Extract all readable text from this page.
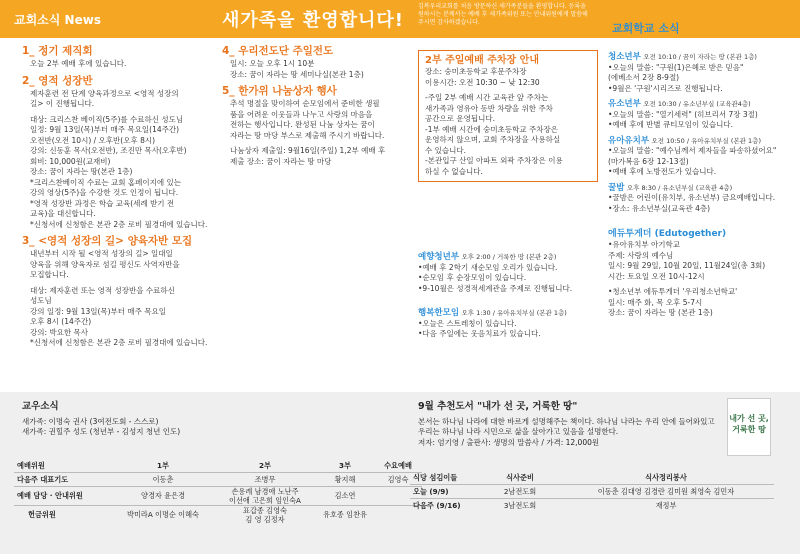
교회소식 News	새가족을 환영합니다!
김복우리교회를 처음 방문하신 새가족분들을 환영합니다. 등록을 원하시는 분께서는 예배 후 새가족위원 또는 안내위원에게 말씀해 주시면 감사하겠습니다.	교회학교 소식
1_ 정기 제직회

오늘 2부 예배 후에 있습니다.

2_ 영적 성장반

제자훈련 전 단계 양육과정으로 <영적 성장의
길> 이 진행됩니다.

대상: 크리스찬 베이직(5주)를 수료하신 성도님
일정: 9월 13일(목)부터 매주 목요일(14주간)
오전반(오전 10시) / 오후반(오후 8시)
강의: 신동훈 목사(오전반), 조진만 목사(오후반)
회비: 10,000원(교재비)
장소: 꿈이 자라는 땅(본관 1층)
*크리스찬베이직 수료는 교회 홈페이지에 있는
강의 영상(5주)을 수강한 것도 인정이 됩니다.
*영적 성장반 과정은 학습 교육(세례 받기 전
교육)을 대신합니다.
*신청서에 신청함은 본관 2층 로비 필경대에 있습니다.

3_ <영적 성장의 길> 양육자반 모집

내년부터 시작 될 <영적 성장의 길> 일대일
양육을 위해 양육자로 섬길 평신도 사역자반을
모집합니다.

대상: 제자훈련 또는 영적 성장반을 수료하신
성도님
강의 일정: 9월 13일(목)부터 매주 목요일
오후 8시 (14주간)
강의: 박요한 목사
*신청서에 신청함은 본관 2층 로비 필경대에 있습니다.

4_ 우리전도단 주일전도

일시: 오늘 오후 1시 10분
장소: 꿈이 자라는 땅 세미나실(본관 1층)

5_ 한가위 나눔상자 행사

추석 명절을 맞이하여 순모임에서 준비한 생필
품을 어려운 이웃들과 나누고 사랑의 마음을
전하는 행사입니다. 완성된 나눔 상자는 꿈이
자라는 땅 마당 부스로 제출해 주시기 바랍니다.

나눔상자 제출일: 9월16일(주일) 1,2부 예배 후
제출 장소: 꿈이 자라는 땅 마당

2부 주일예배 주차장 안내

장소: 숭미초등학교 후문주차장
이용시간: 오전 10:30 ~ 낮 12:30

-주일 2부 예배 시간 교육관 앞 주차는
새가족과 영유아 동반 차량을 위한 주차
공간으로 운영됩니다.
-1부 예배 시간에 숭미초등학교 주차장은
운영하지 않으며, 교회 주차장을 사용하실
수 있습니다.
-본관입구 산일 아파트 외곽 주차장은 이용
하실 수 없습니다.

예향청년부 오후 2:00 / 거룩한 땅 (본관 2층)

•예배 후 2학기 새순모임 오리가 있습니다.
•순모임 후 순장모임이 있습니다.
•9-10월은 성경적세계관을 주제로 진행됩니다.

행복한모임 오후 1:30 / 유아유치부실 (본관 1층)

•오늘은 스트레칭이 있습니다.
•다음 주일에는 웃음치료가 있습니다.

청소년부 오전 10:10 / 꿈이 자라는 땅 (본관 1층)

•오늘의 말씀: "구원(1)은혜로 받은 믿음"
(에베소서 2장 8-9절)
•9월은 '구원'시리즈로 진행됩니다.

유소년부 오전 10:30 / 유소년부실 (교육관4층)

•오늘의 말씀: "열기세력" (히브리서 7장 3절)
•예배 후에 반별 큐티모임이 있습니다.

유아유치부 오전 10:50 / 유아유치부실 (본관 1층)

•오늘의 말씀: "예수님께서 제자들을 파송하셨어요"
(마가복음 6장 12-13절)
•예배 후에 노방전도가 있습니다.

꿀밤 오후 8:30 / 유소년부실 (교육관 4층)

•꿀밤은 어린이(유치부, 유소년부) 금요예배입니다.
•장소: 유소년부실(교육관 4층)

에듀투게더 (Edutogether)

•유아유치부 아기학교
주제: 사랑의 예수님
일시: 9월 29일, 10월 20일, 11월24일(총 3회)
시간: 토요일 오전 10시-12시

•청소년부 에듀투게더 '우리청소년학교'
일시: 매주 화, 목 오후 5-7시
장소: 꿈이 자라는 땅 (본관 1층)

교우소식

새가족: 이명숙 권사 (3여전도회 - 스스로)
새가족: 권힐주 성도 (청년부 - 김성지 청년 인도)

9월 추천도서 "내가 선 곳, 거룩한 땅"

본서는 하나님 나라에 대한 바르게 설명해주는 책이다. 하나님 나라는 우리 안에 들어와있고
우리는 하나님 나라 시민으로 삶을 살아가고 있음을 설명한다.
저자: 엄기영 / 출판사: 생명의 말씀사 / 가격: 12,000원

내가 선 곳, 거룩한 땅
예배위원	1부	2부	3부	수요예배
다음주 대표기도	이동춘	조병무	황지해	김영숙
예배 담당 · 안내위원	양경자 윤은경	손용례 남경애 노난주
이선애 고은희 임인숙A	김소연	
헌금위원	박미라A 이명순 이혜숙	표갑종 김영숙
김 영 김정자	유호종 임찬유	
식당 섬김이들	식사준비	식사정리봉사
오늘 (9/9)	2남전도회	이동춘 김대영 김경란 김미원 최영숙 김민자
다음주 (9/16)	3남전도회	재정부
